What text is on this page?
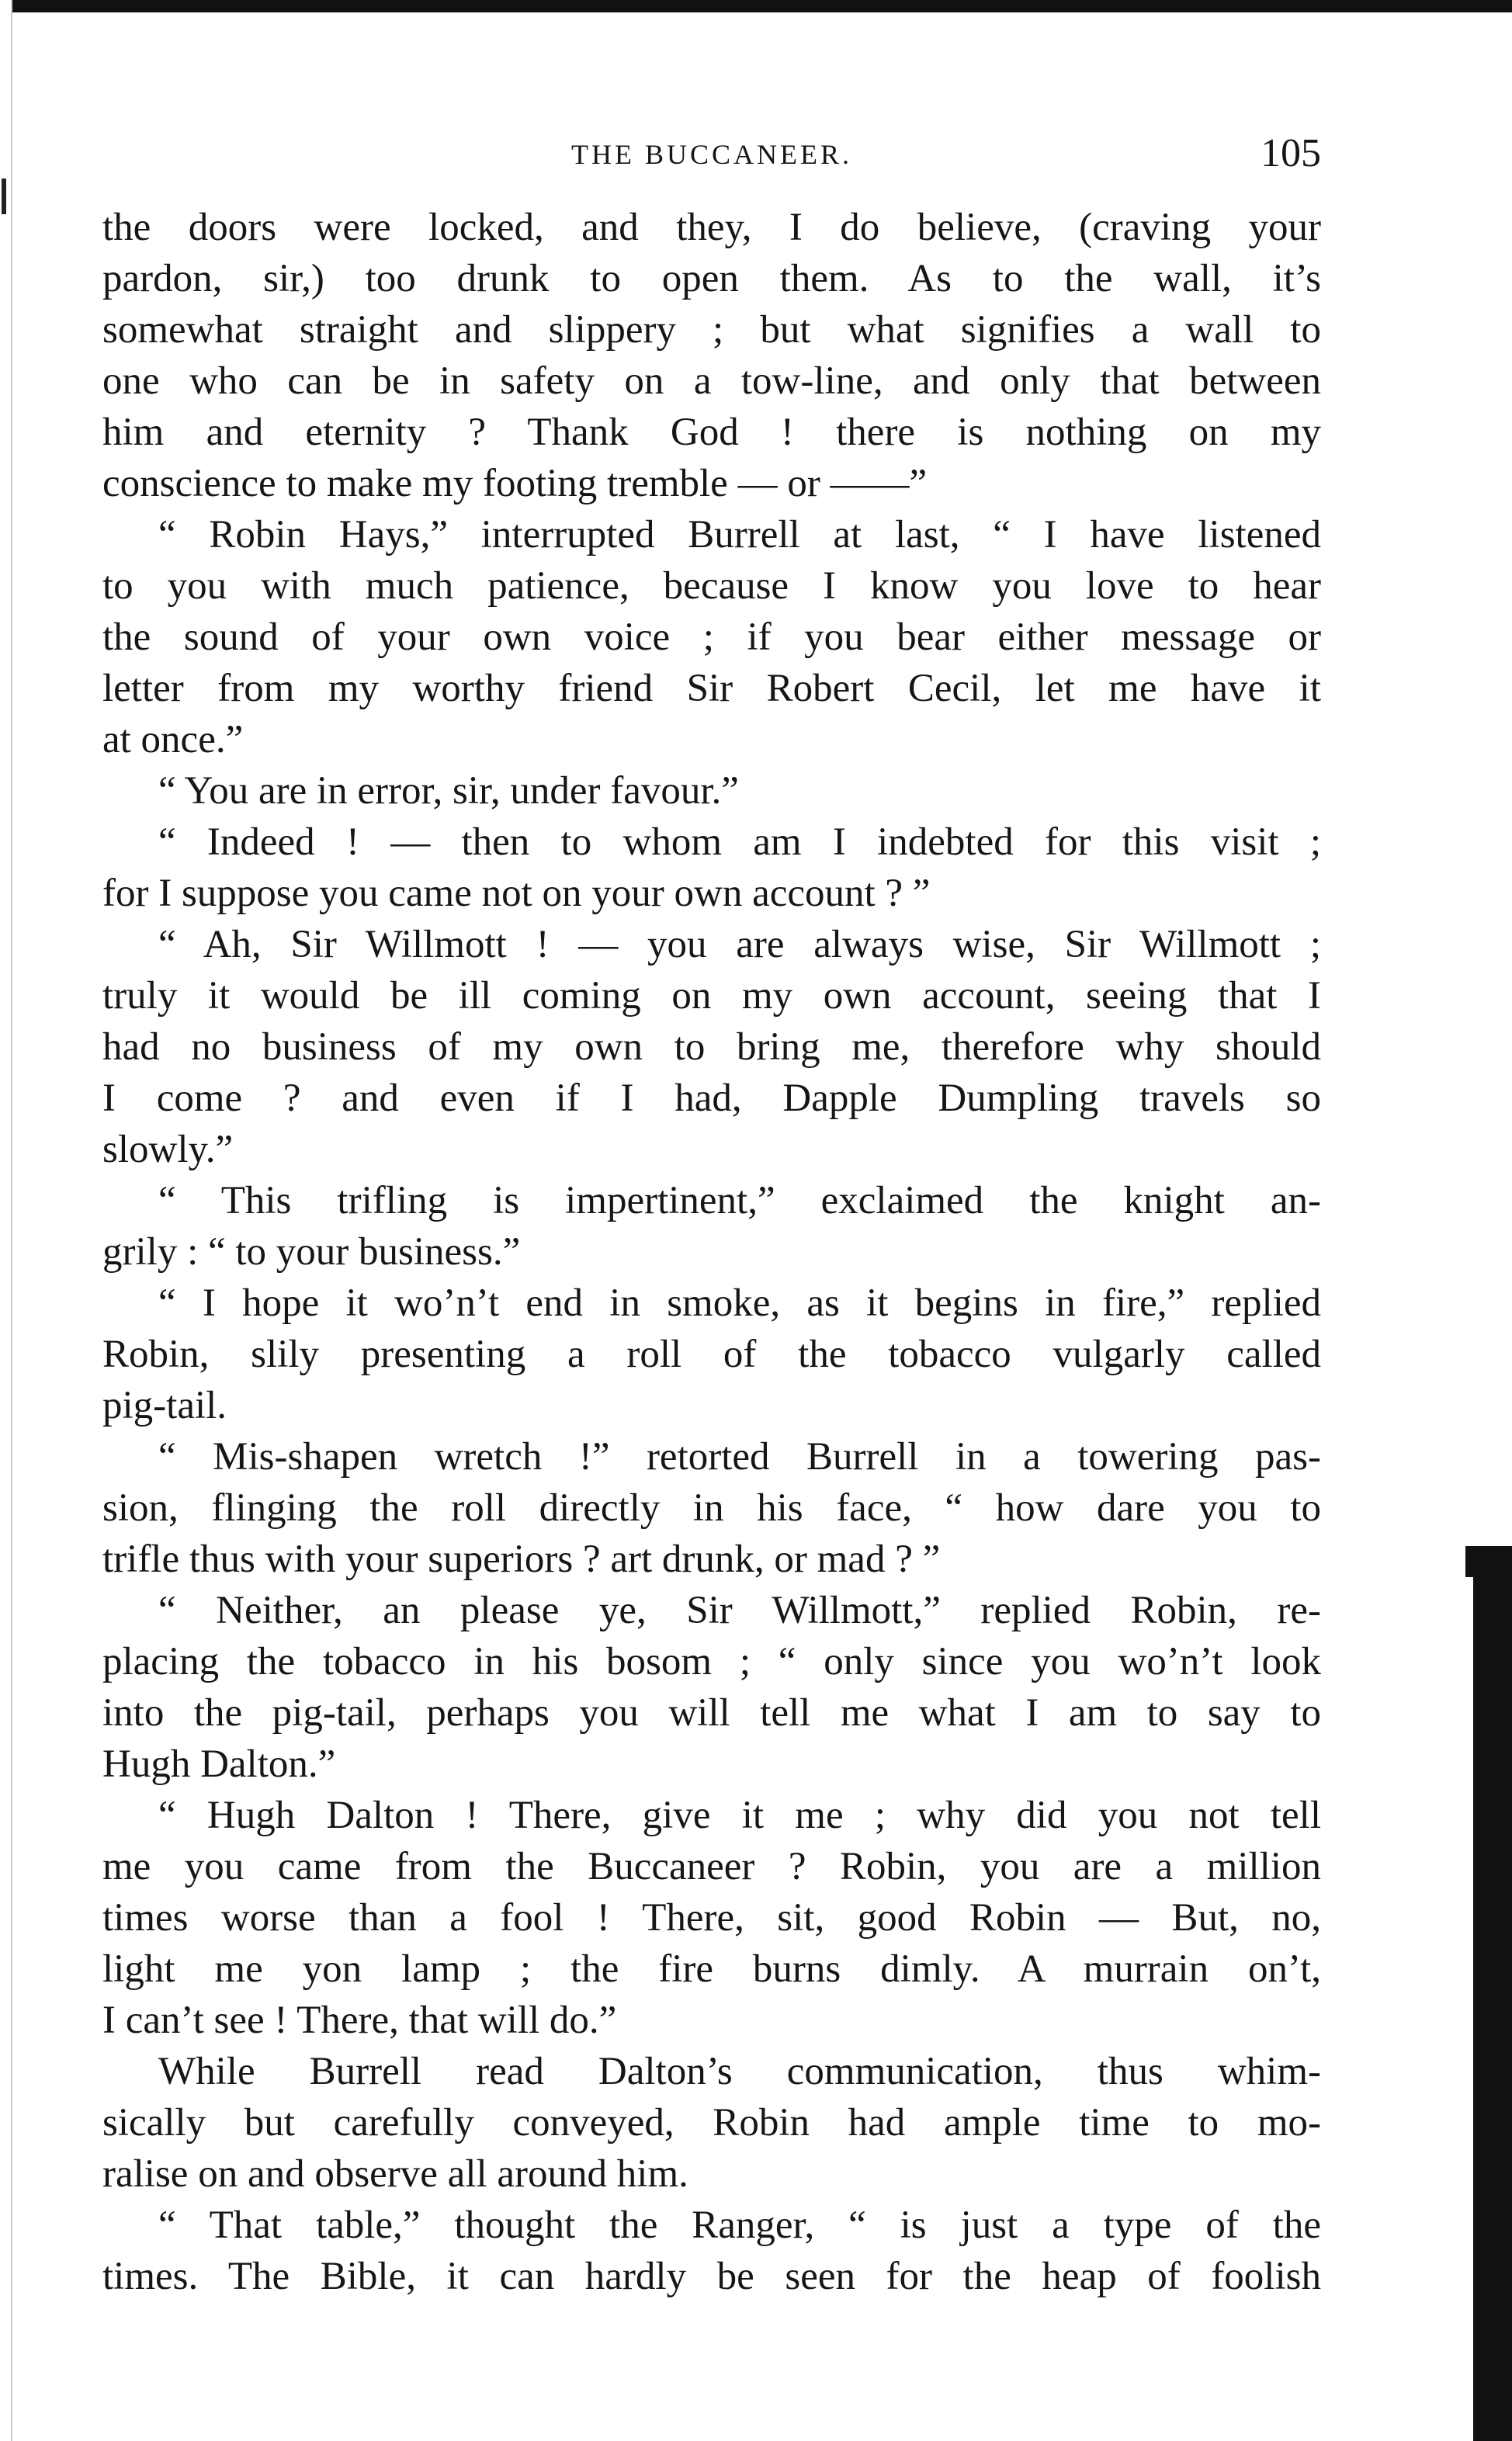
THE BUCCANEER.	105
the doors were locked, and they, I do believe, (craving your
pardon, sir,) too drunk to open them. As to the wall, it’s
somewhat straight and slippery ; but what signifies a wall to
one who can be in safety on a tow-line, and only that between
him and eternity ? Thank God ! there is nothing on my
conscience to make my footing tremble — or ——”
“ Robin Hays,” interrupted Burrell at last, “ I have listened
to you with much patience, because I know you love to hear
the sound of your own voice ; if you bear either message or
letter from my worthy friend Sir Robert Cecil, let me have it
at once.”
“ You are in error, sir, under favour.”
“ Indeed ! — then to whom am I indebted for this visit ;
for I suppose you came not on your own account ? ”
“ Ah, Sir Willmott ! — you are always wise, Sir Willmott ;
truly it would be ill coming on my own account, seeing that I
had no business of my own to bring me, therefore why should
I come ? and even if I had, Dapple Dumpling travels so
slowly.”
“ This trifling is impertinent,” exclaimed the knight an-
grily : “ to your business.”
“ I hope it wo’n’t end in smoke, as it begins in fire,” replied
Robin, slily presenting a roll of the tobacco vulgarly called
pig-tail.
“ Mis-shapen wretch !” retorted Burrell in a towering pas-
sion, flinging the roll directly in his face, “ how dare you to
trifle thus with your superiors ? art drunk, or mad ? ”
“ Neither, an please ye, Sir Willmott,” replied Robin, re-
placing the tobacco in his bosom ; “ only since you wo’n’t look
into the pig-tail, perhaps you will tell me what I am to say to
Hugh Dalton.”
“ Hugh Dalton ! There, give it me ; why did you not tell
me you came from the Buccaneer ? Robin, you are a million
times worse than a fool ! There, sit, good Robin — But, no,
light me yon lamp ; the fire burns dimly. A murrain on’t,
I can’t see ! There, that will do.”
While Burrell read Dalton’s communication, thus whim-
sically but carefully conveyed, Robin had ample time to mo-
ralise on and observe all around him.
“ That table,” thought the Ranger, “ is just a type of the
times. The Bible, it can hardly be seen for the heap of foolish
